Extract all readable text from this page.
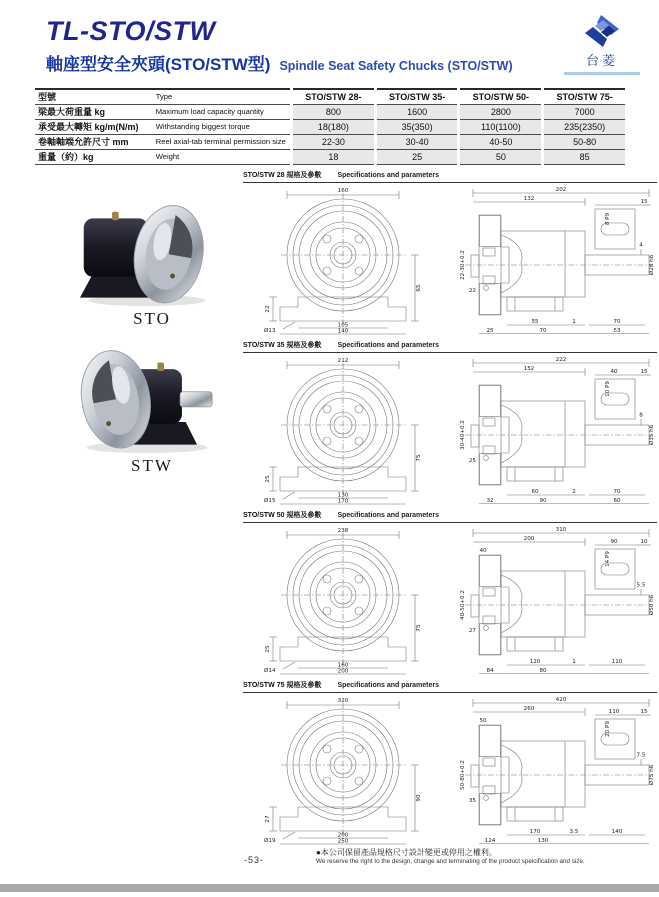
TL-STO/STW
軸座型安全夾頭(STO/STW型) Spindle Seat Safety Chucks (STO/STW)	台菱
型號	Type	STO/STW 28-	STO/STW 35-	STO/STW 50-	STO/STW 75-
梁最大荷重量 kg	Maximum load capacity quantity	800	1600	2800	7000
承受最大轉矩 kg/m(N/m)	Withstanding biggest torque	18(180)	35(350)	110(1100)	235(2350)
卷軸軸端允許尺寸 mm	Reel axial-tab terminal permission size	22-30	30-40	40-50	50-80
重量（約）kg	Weight	18	25	50	85
STO
STW
STO/STW 28 規格及參數 Specifications and parameters
160
65
22
Ø13
105
140
202
132	15
8 P9
4
Ø28 h6
22-30+0.2
22
55	1	70
25	70	53
STO/STW 35 規格及參數 Specifications and parameters
212
75
25
Ø15
130
170
222
152	40	15
10 P9
8
Ø35 h6
30-40+0.2
25
60	2	70
32	90	60
STO/STW 50 規格及參數 Specifications and parameters
238
75
25
Ø14
160
200
310
200
40
90	10
14 P9
5.5
Ø50 h6
40-50+0.2
27
120	1	110
84	80
STO/STW 75 規格及參數 Specifications and parameters
320
90
27
Ø19
200
250
420
260
50
110	15
20 P9
7.5
Ø75 h6
50-80+0.2
35
170	3.5	140
124	130
-53-
●本公司保留產品規格尺寸設計變更或停用之權利。
We reserve the right to the design, change and terminating of the product speicification and size.
